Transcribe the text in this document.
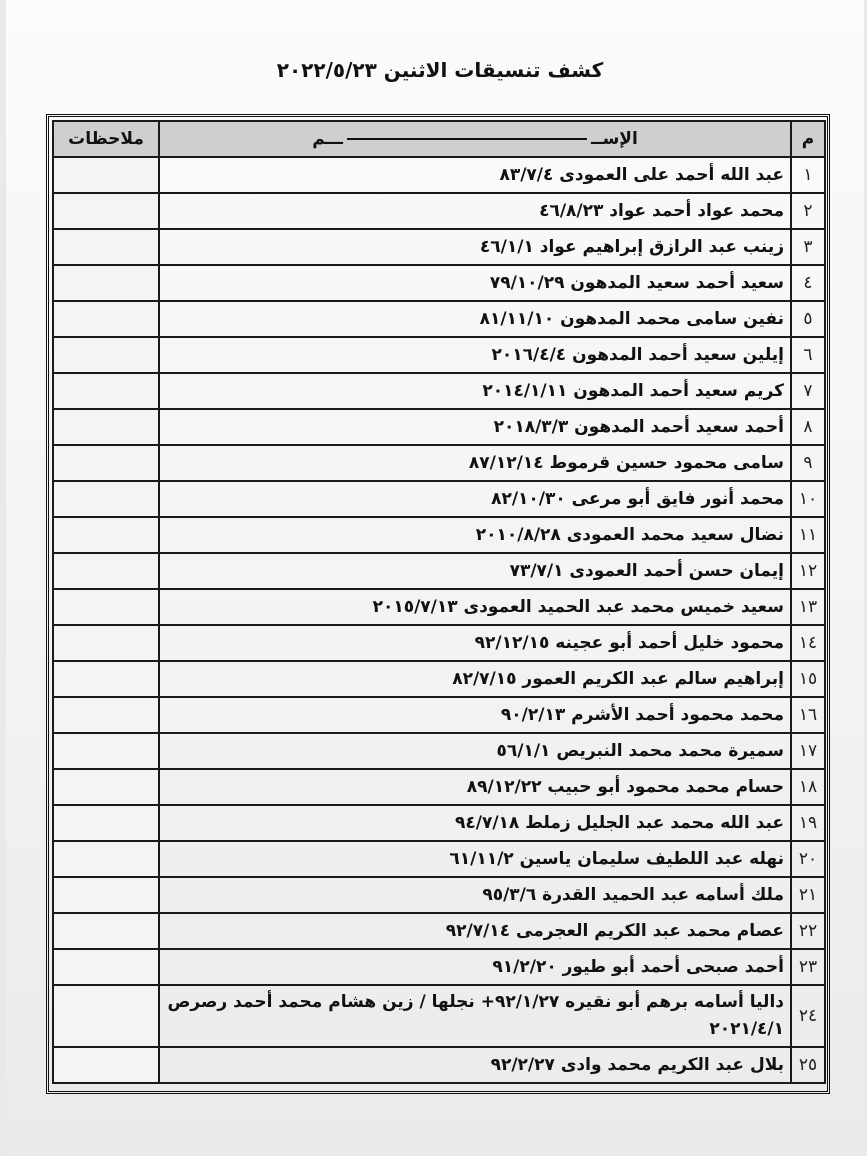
كشف تنسيقات الاثنين ٢٠٢٢/٥/٢٣
م	الإســـــم	ملاحظات
١	عبد الله أحمد على العمودى ٨٣/٧/٤	
٢	محمد عواد أحمد عواد ٤٦/٨/٢٣	
٣	زينب عبد الرازق إبراهيم عواد ٤٦/١/١	
٤	سعيد أحمد سعيد المدهون ٧٩/١٠/٢٩	
٥	نفين سامى محمد المدهون ٨١/١١/١٠	
٦	إيلين سعيد أحمد المدهون ٢٠١٦/٤/٤	
٧	كريم سعيد أحمد المدهون ٢٠١٤/١/١١	
٨	أحمد سعيد أحمد المدهون ٢٠١٨/٣/٣	
٩	سامى محمود حسين قرموط ٨٧/١٢/١٤	
١٠	محمد أنور فايق أبو مرعى ٨٢/١٠/٣٠	
١١	نضال سعيد محمد العمودى ٢٠١٠/٨/٢٨	
١٢	إيمان حسن أحمد العمودى ٧٣/٧/١	
١٣	سعيد خميس محمد عبد الحميد العمودى ٢٠١٥/٧/١٣	
١٤	محمود خليل أحمد أبو عجينه ٩٢/١٢/١٥	
١٥	إبراهيم سالم عبد الكريم العمور ٨٢/٧/١٥	
١٦	محمد محمود أحمد الأشرم ٩٠/٢/١٣	
١٧	سميرة محمد محمد النبريص ٥٦/١/١	
١٨	حسام محمد محمود أبو حبيب ٨٩/١٢/٢٢	
١٩	عبد الله محمد عبد الجليل زملط ٩٤/٧/١٨	
٢٠	نهله عبد اللطيف سليمان ياسين ٦١/١١/٢	
٢١	ملك أسامه عبد الحميد القدرة ٩٥/٣/٦	
٢٢	عصام محمد عبد الكريم العجرمى ٩٢/٧/١٤	
٢٣	أحمد صبحى أحمد أبو طيور ٩١/٢/٢٠	
٢٤	داليا أسامه برهم أبو نقيره ٩٢/١/٢٧+ نجلها / زين هشام محمد أحمد رصرص ٢٠٢١/٤/١	
٢٥	بلال عبد الكريم محمد وادى ٩٢/٢/٢٧	
